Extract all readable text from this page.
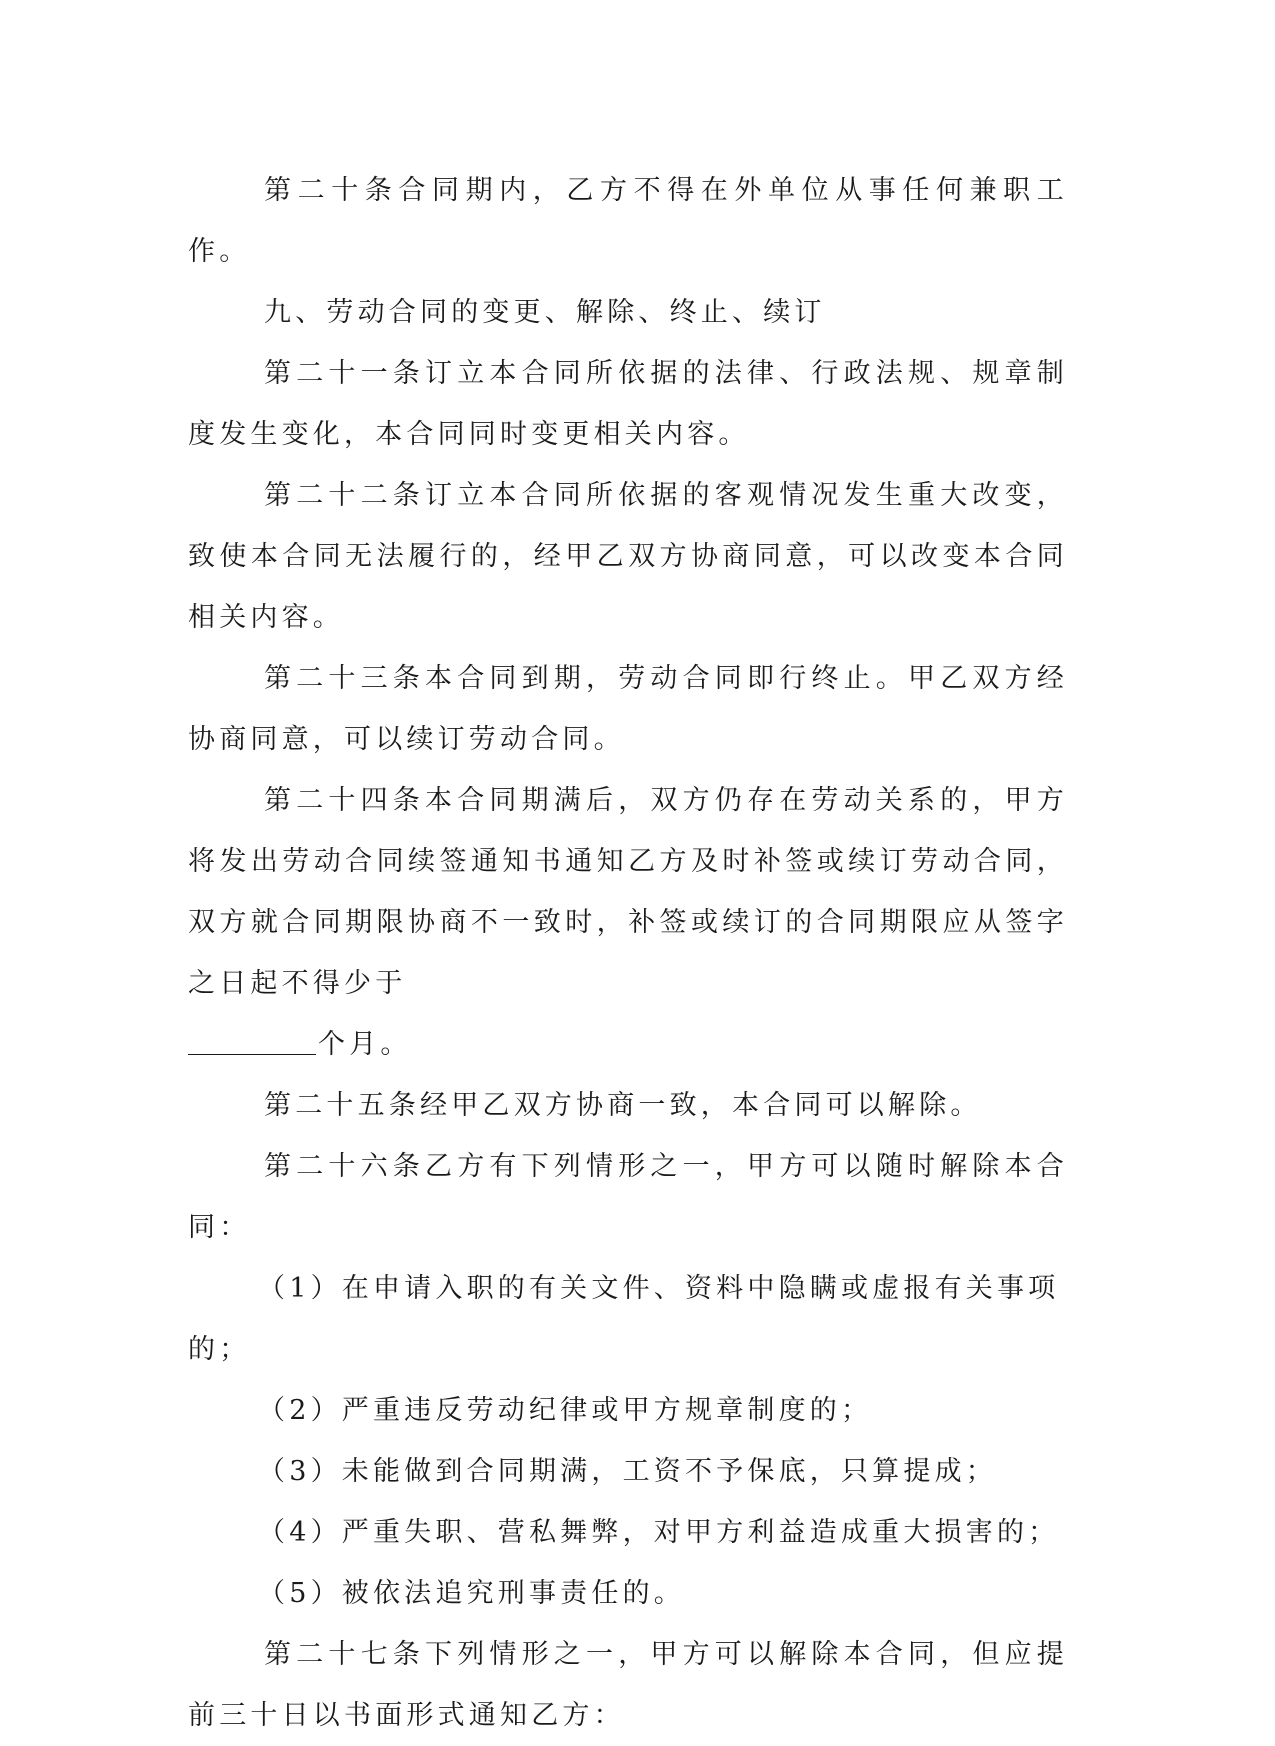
第二十条合同期内，乙方不得在外单位从事任何兼职工作。

九、劳动合同的变更、解除、终止、续订

第二十一条订立本合同所依据的法律、行政法规、规章制度发生变化，本合同同时变更相关内容。

第二十二条订立本合同所依据的客观情况发生重大改变，致使本合同无法履行的，经甲乙双方协商同意，可以改变本合同相关内容。

第二十三条本合同到期，劳动合同即行终止。甲乙双方经协商同意，可以续订劳动合同。

第二十四条本合同期满后，双方仍存在劳动关系的，甲方将发出劳动合同续签通知书通知乙方及时补签或续订劳动合同，双方就合同期限协商不一致时，补签或续订的合同期限应从签字之日起不得少于

个月。

第二十五条经甲乙双方协商一致，本合同可以解除。

第二十六条乙方有下列情形之一，甲方可以随时解除本合同：

（1）在申请入职的有关文件、资料中隐瞒或虚报有关事项的；

（2）严重违反劳动纪律或甲方规章制度的；

（3）未能做到合同期满，工资不予保底，只算提成；

（4）严重失职、营私舞弊，对甲方利益造成重大损害的；

（5）被依法追究刑事责任的。

第二十七条下列情形之一，甲方可以解除本合同，但应提前三十日以书面形式通知乙方：
